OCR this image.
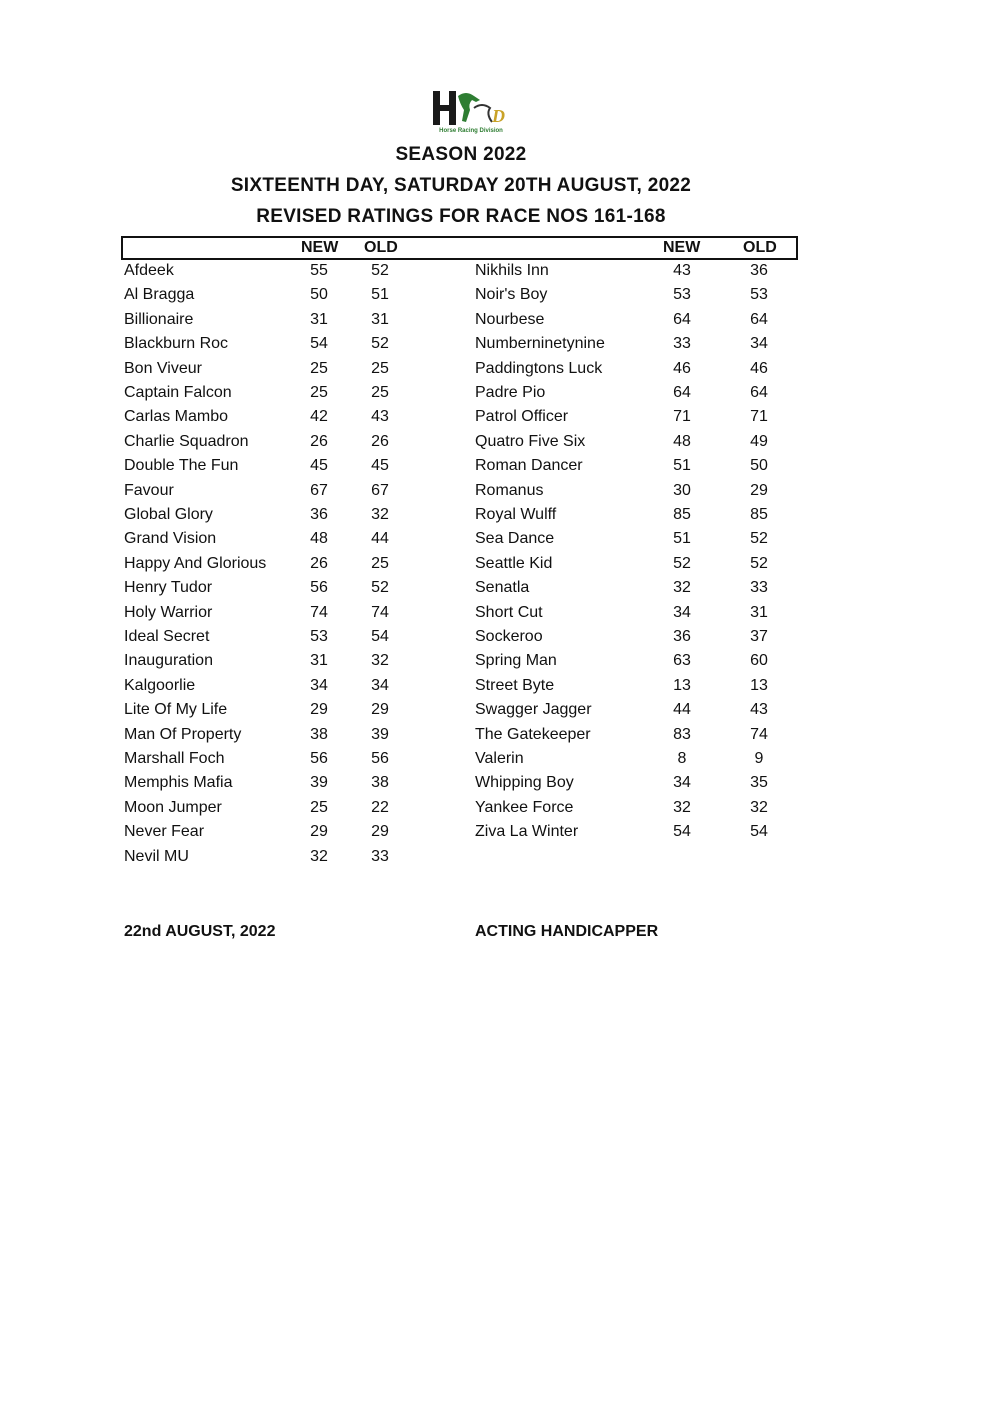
D
Horse Racing Division
SEASON 2022
SIXTEENTH DAY, SATURDAY 20TH AUGUST, 2022
REVISED RATINGS FOR RACE NOS 161-168
NEW OLD	NEW	OLD
Afdeek	55	52
Al Bragga	50	51
Billionaire	31	31
Blackburn Roc	54	52
Bon Viveur	25	25
Captain Falcon	25	25
Carlas Mambo	42	43
Charlie Squadron	26	26
Double The Fun	45	45
Favour	67	67
Global Glory	36	32
Grand Vision	48	44
Happy And Glorious	26	25
Henry Tudor	56	52
Holy Warrior	74	74
Ideal Secret	53	54
Inauguration	31	32
Kalgoorlie	34	34
Lite Of My Life	29	29
Man Of Property	38	39
Marshall Foch	56	56
Memphis Mafia	39	38
Moon Jumper	25	22
Never Fear	29	29
Nevil MU	32	33
Nikhils Inn	43	36
Noir's Boy	53	53
Nourbese	64	64
Numberninetynine	33	34
Paddingtons Luck	46	46
Padre Pio	64	64
Patrol Officer	71	71
Quatro Five Six	48	49
Roman Dancer	51	50
Romanus	30	29
Royal Wulff	85	85
Sea Dance	51	52
Seattle Kid	52	52
Senatla	32	33
Short Cut	34	31
Sockeroo	36	37
Spring Man	63	60
Street Byte	13	13
Swagger Jagger	44	43
The Gatekeeper	83	74
Valerin	8	9
Whipping Boy	34	35
Yankee Force	32	32
Ziva La Winter	54	54
22nd AUGUST, 2022	ACTING HANDICAPPER
